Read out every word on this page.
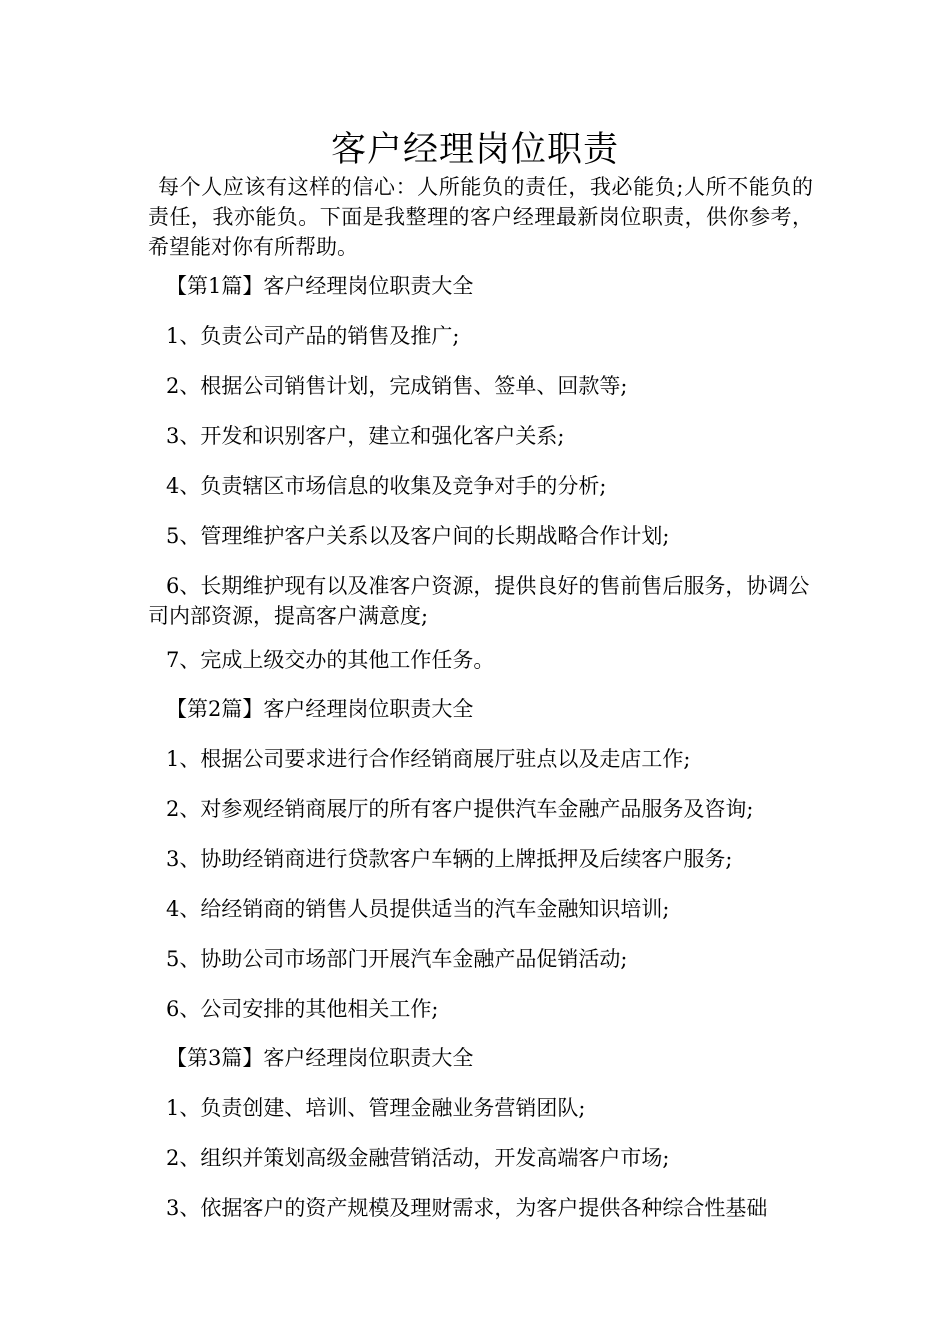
客户经理岗位职责

每个人应该有这样的信心：人所能负的责任，我必能负;人所不能负的责任，我亦能负。下面是我整理的客户经理最新岗位职责，供你参考，希望能对你有所帮助。

【第1篇】客户经理岗位职责大全

1、负责公司产品的销售及推广;

2、根据公司销售计划，完成销售、签单、回款等;

3、开发和识别客户，建立和强化客户关系;

4、负责辖区市场信息的收集及竞争对手的分析;

5、管理维护客户关系以及客户间的长期战略合作计划;

6、长期维护现有以及准客户资源，提供良好的售前售后服务，协调公司内部资源，提高客户满意度;

7、完成上级交办的其他工作任务。

【第2篇】客户经理岗位职责大全

1、根据公司要求进行合作经销商展厅驻点以及走店工作;

2、对参观经销商展厅的所有客户提供汽车金融产品服务及咨询;

3、协助经销商进行贷款客户车辆的上牌抵押及后续客户服务;

4、给经销商的销售人员提供适当的汽车金融知识培训;

5、协助公司市场部门开展汽车金融产品促销活动;

6、公司安排的其他相关工作;

【第3篇】客户经理岗位职责大全

1、负责创建、培训、管理金融业务营销团队;

2、组织并策划高级金融营销活动，开发高端客户市场;

3、依据客户的资产规模及理财需求，为客户提供各种综合性基础
